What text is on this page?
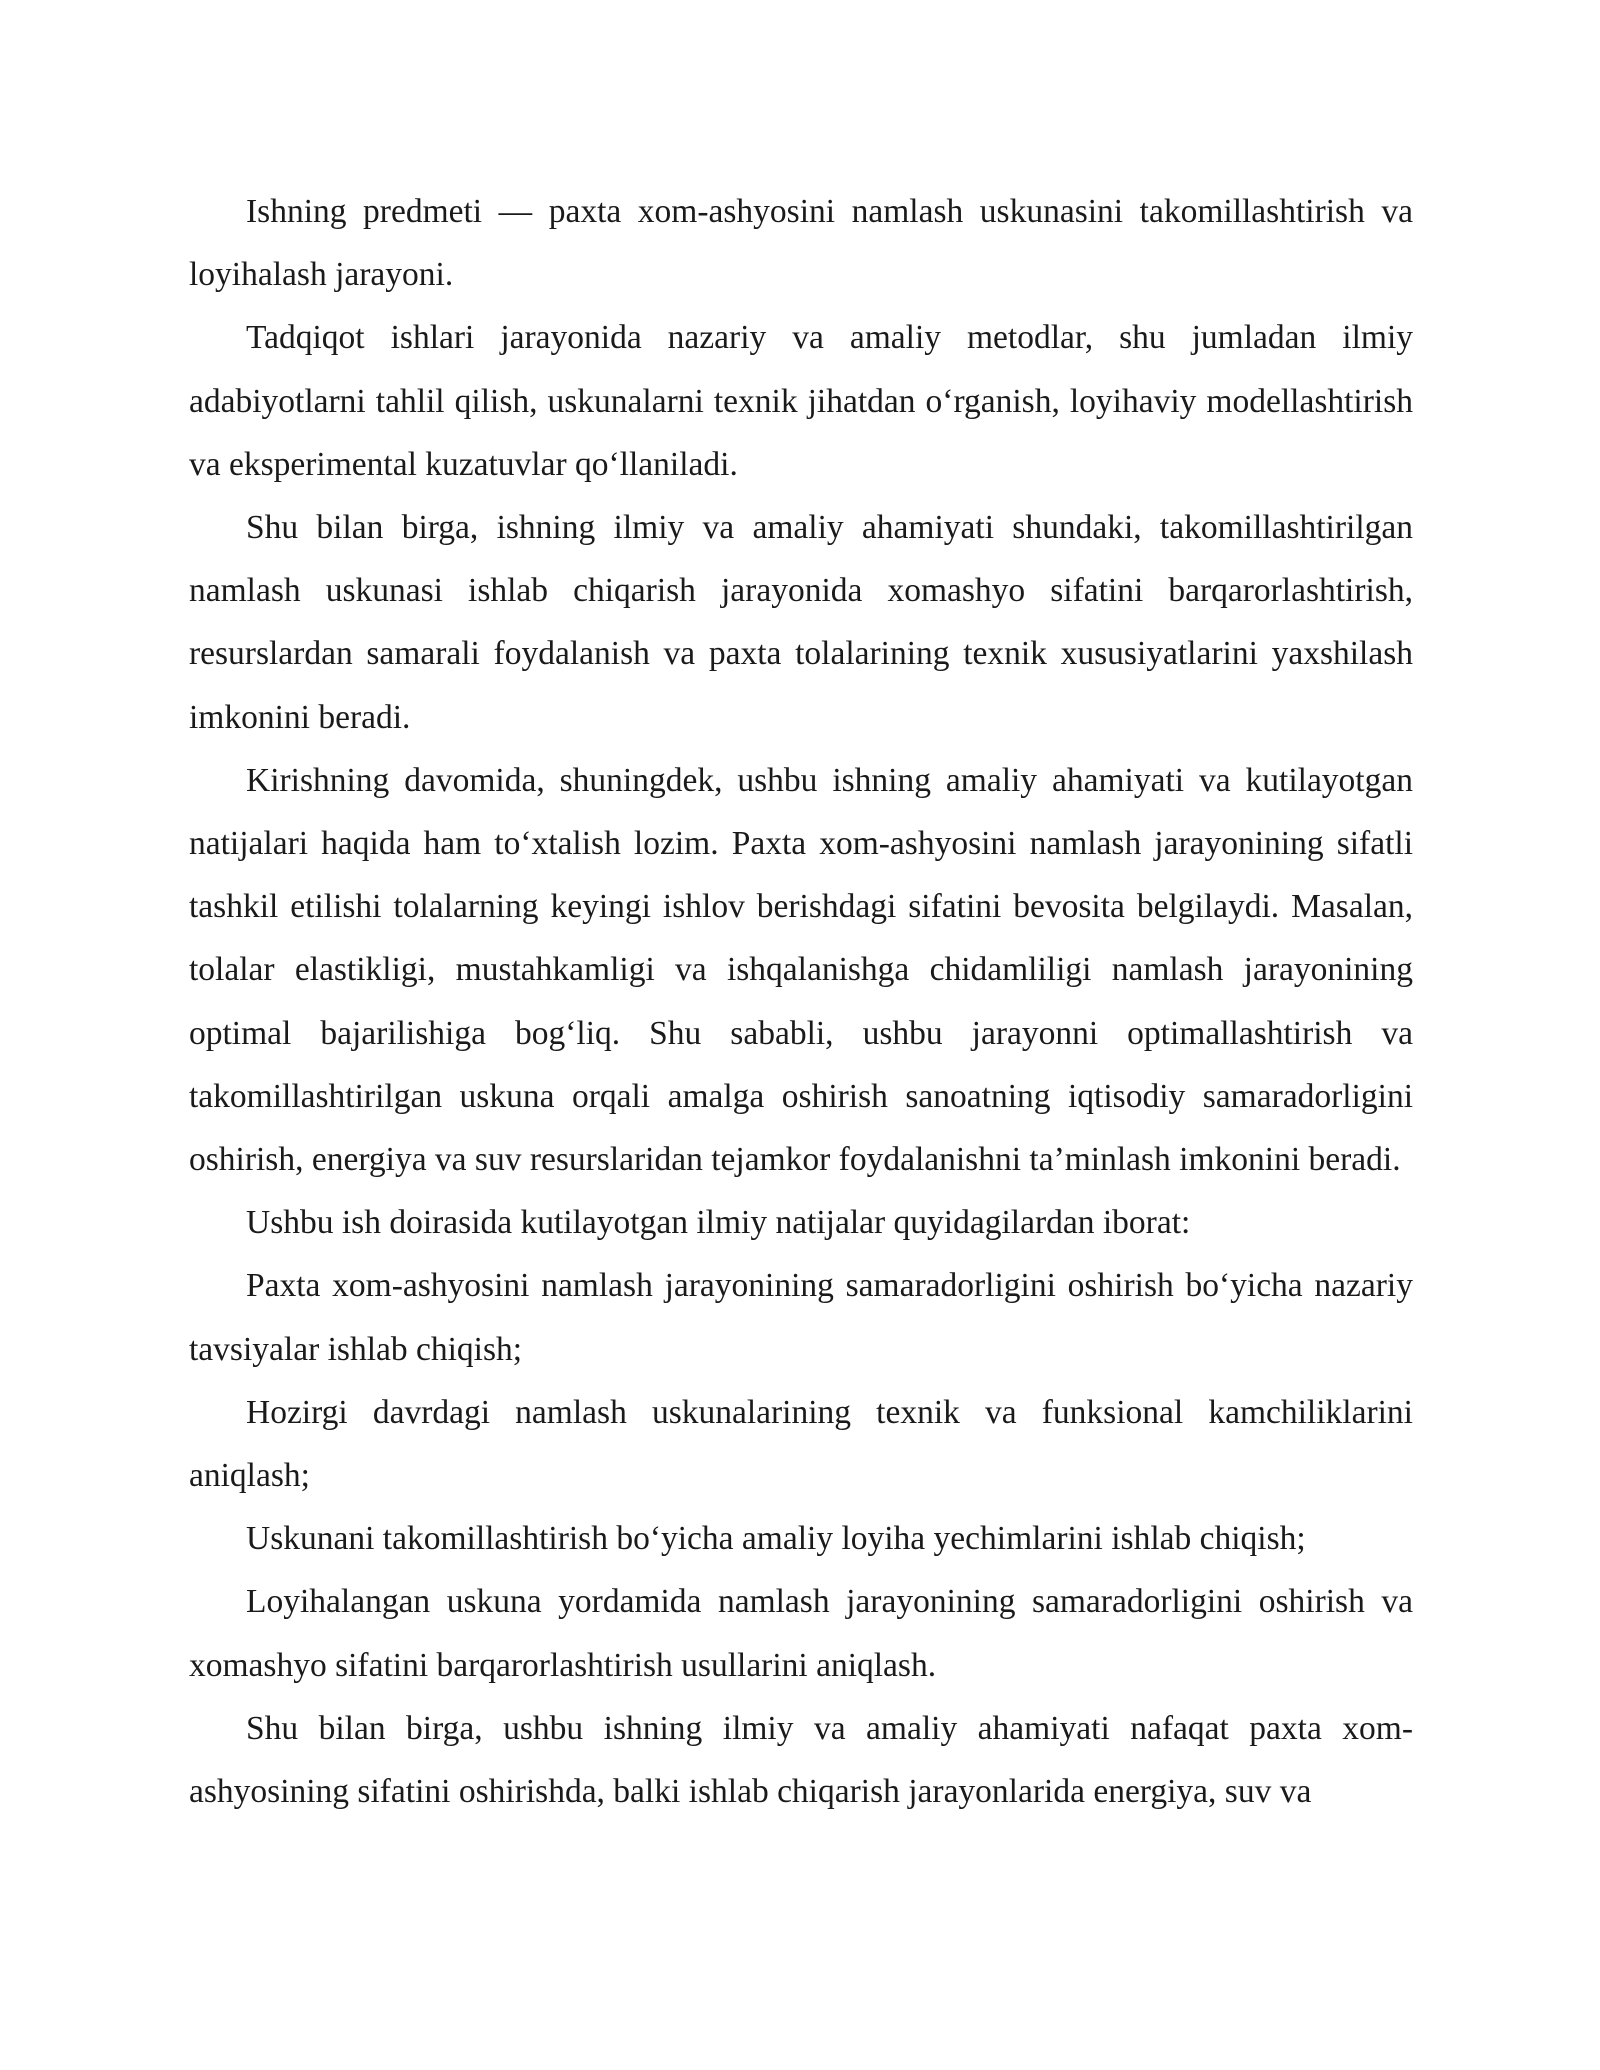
Ishning predmeti — paxta xom-ashyosini namlash uskunasini takomillashtirish va loyihalash jarayoni.

Tadqiqot ishlari jarayonida nazariy va amaliy metodlar, shu jumladan ilmiy adabiyotlarni tahlil qilish, uskunalarni texnik jihatdan o‘rganish, loyihaviy modellashtirish va eksperimental kuzatuvlar qo‘llaniladi.

Shu bilan birga, ishning ilmiy va amaliy ahamiyati shundaki, takomillashtirilgan namlash uskunasi ishlab chiqarish jarayonida xomashyo sifatini barqarorlashtirish, resurslardan samarali foydalanish va paxta tolalarining texnik xususiyatlarini yaxshilash imkonini beradi.

Kirishning davomida, shuningdek, ushbu ishning amaliy ahamiyati va kutilayotgan natijalari haqida ham to‘xtalish lozim. Paxta xom-ashyosini namlash jarayonining sifatli tashkil etilishi tolalarning keyingi ishlov berishdagi sifatini bevosita belgilaydi. Masalan, tolalar elastikligi, mustahkamligi va ishqalanishga chidamliligi namlash jarayonining optimal bajarilishiga bog‘liq. Shu sababli, ushbu jarayonni optimallashtirish va takomillashtirilgan uskuna orqali amalga oshirish sanoatning iqtisodiy samaradorligini oshirish, energiya va suv resurslaridan tejamkor foydalanishni ta’minlash imkonini beradi.

Ushbu ish doirasida kutilayotgan ilmiy natijalar quyidagilardan iborat:

Paxta xom-ashyosini namlash jarayonining samaradorligini oshirish bo‘yicha nazariy tavsiyalar ishlab chiqish;

Hozirgi davrdagi namlash uskunalarining texnik va funksional kamchiliklarini aniqlash;

Uskunani takomillashtirish bo‘yicha amaliy loyiha yechimlarini ishlab chiqish;

Loyihalangan uskuna yordamida namlash jarayonining samaradorligini oshirish va xomashyo sifatini barqarorlashtirish usullarini aniqlash.

Shu bilan birga, ushbu ishning ilmiy va amaliy ahamiyati nafaqat paxta xom-ashyosining sifatini oshirishda, balki ishlab chiqarish jarayonlarida energiya, suv va
